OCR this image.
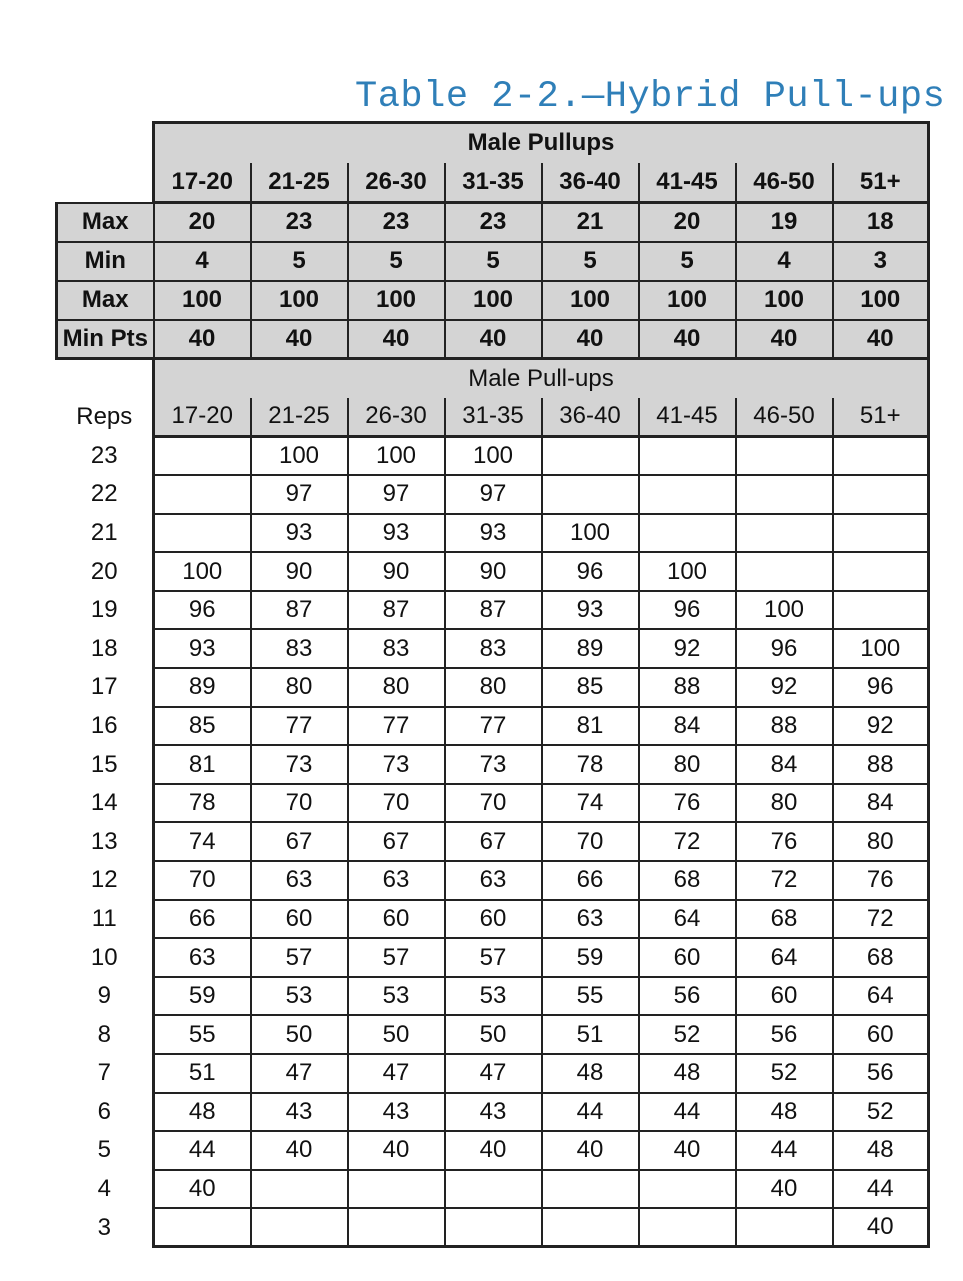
Table 2-2.—Hybrid Pull-ups
	Male Pullups							
	17-20	21-25	26-30	31-35	36-40	41-45	46-50	51+
Max	20	23	23	23	21	20	19	18
Min	4	5	5	5	5	5	4	3
Max	100	100	100	100	100	100	100	100
Min Pts	40	40	40	40	40	40	40	40
	Male Pull-ups							
Reps	17-20	21-25	26-30	31-35	36-40	41-45	46-50	51+
23		100	100	100				
22		97	97	97				
21		93	93	93	100			
20	100	90	90	90	96	100		
19	96	87	87	87	93	96	100	
18	93	83	83	83	89	92	96	100
17	89	80	80	80	85	88	92	96
16	85	77	77	77	81	84	88	92
15	81	73	73	73	78	80	84	88
14	78	70	70	70	74	76	80	84
13	74	67	67	67	70	72	76	80
12	70	63	63	63	66	68	72	76
11	66	60	60	60	63	64	68	72
10	63	57	57	57	59	60	64	68
9	59	53	53	53	55	56	60	64
8	55	50	50	50	51	52	56	60
7	51	47	47	47	48	48	52	56
6	48	43	43	43	44	44	48	52
5	44	40	40	40	40	40	44	48
4	40						40	44
3								40
